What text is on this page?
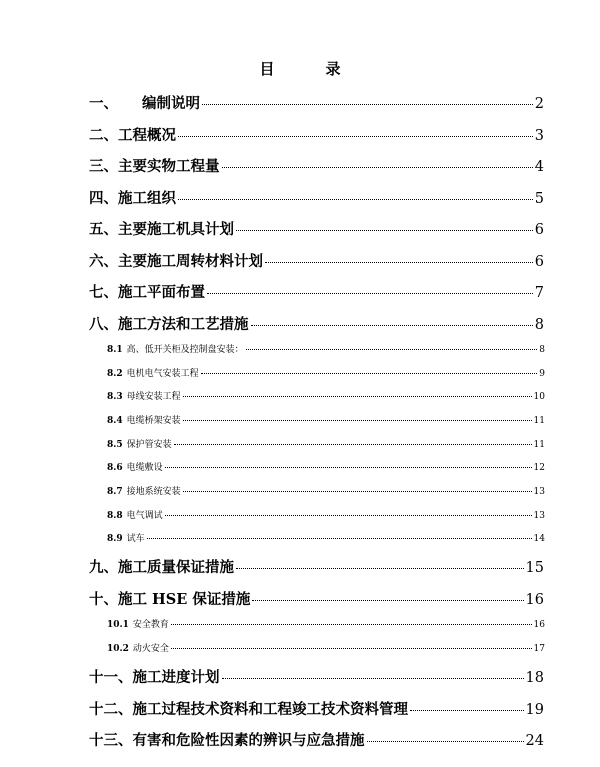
目　录
一、 编制说明	2
二、工程概况	3
三、主要实物工程量	4
四、施工组织	5
五、主要施工机具计划	6
六、主要施工周转材料计划	6
七、施工平面布置	7
八、施工方法和工艺措施	8
8.1 高、低开关柜及控制盘安装：	8
8.2 电机电气安装工程	9
8.3 母线安装工程	10
8.4 电缆桥架安装	11
8.5 保护管安装	11
8.6 电缆敷设	12
8.7 接地系统安装	13
8.8 电气调试	13
8.9 试车	14
九、施工质量保证措施	15
十、施工 HSE 保证措施	16
10.1 安全教育	16
10.2 动火安全	17
十一、施工进度计划	18
十二、施工过程技术资料和工程竣工技术资料管理	19
十三、有害和危险性因素的辨识与应急措施	24
